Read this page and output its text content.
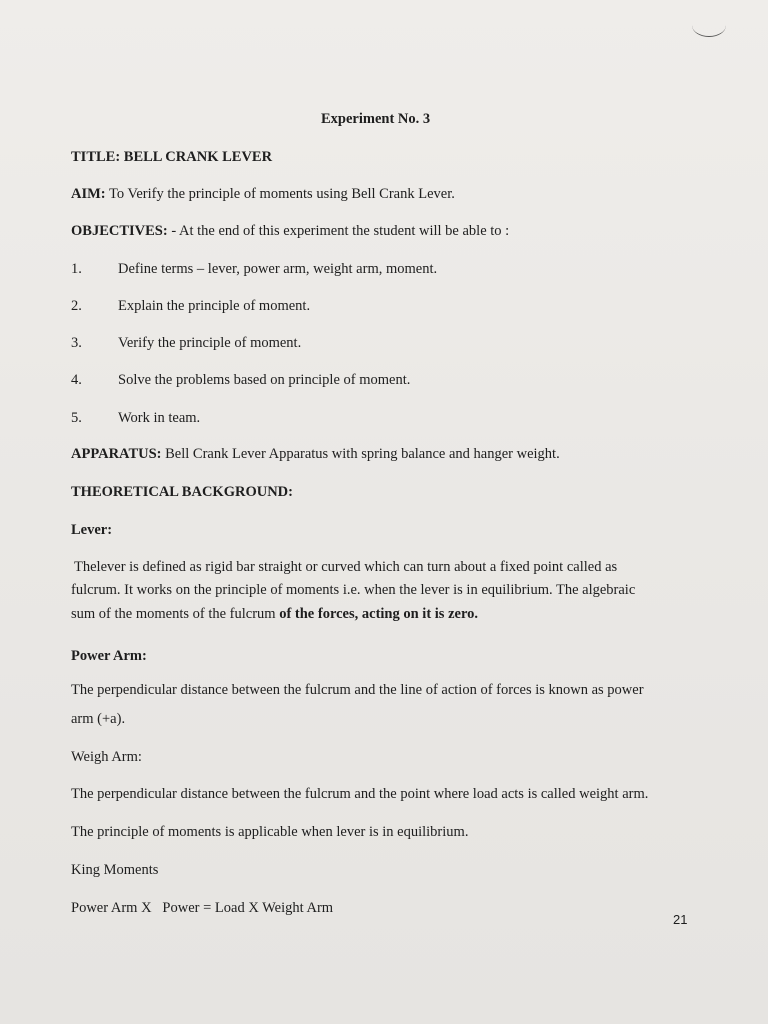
Experiment No. 3
TITLE: BELL CRANK LEVER
AIM: To Verify the principle of moments using Bell Crank Lever.
OBJECTIVES: - At the end of this experiment the student will be able to :
1. Define terms – lever, power arm, weight arm, moment.
2. Explain the principle of moment.
3. Verify the principle of moment.
4. Solve the problems based on principle of moment.
5. Work in team.
APPARATUS: Bell Crank Lever Apparatus with spring balance and hanger weight.
THEORETICAL BACKGROUND:
Lever:
Thelever is defined as rigid bar straight or curved which can turn about a fixed point called as
fulcrum. It works on the principle of moments i.e. when the lever is in equilibrium. The algebraic
sum of the moments of the fulcrum of the forces, acting on it is zero.
Power Arm:
The perpendicular distance between the fulcrum and the line of action of forces is known as power
arm (+a).
Weigh Arm:
The perpendicular distance between the fulcrum and the point where load acts is called weight arm.
The principle of moments is applicable when lever is in equilibrium.
King Moments
Power Arm X   Power = Load X Weight Arm
21
